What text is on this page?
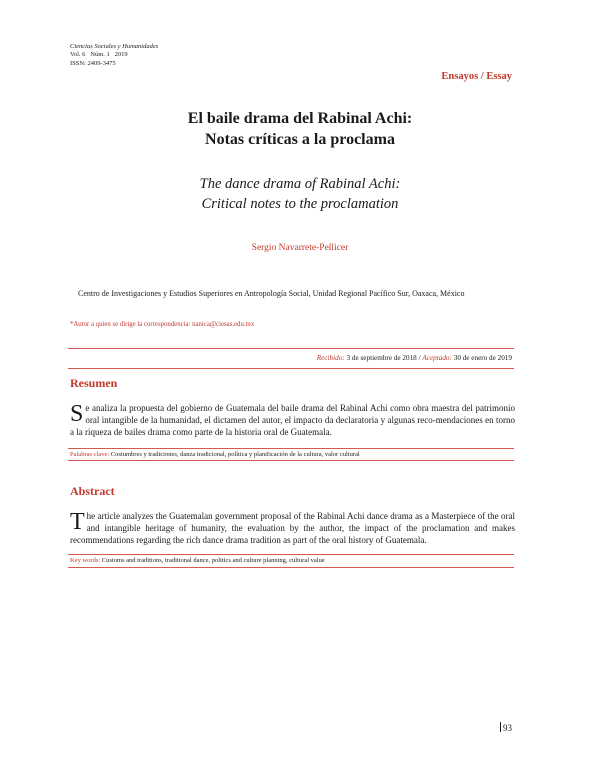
Ciencias Sociales y Humanidades
Vol. 6 Núm. 1 2019
ISSN: 2409-3475
Ensayos / Essay
El baile drama del Rabinal Achi:
Notas críticas a la proclama
The dance drama of Rabinal Achi:
Critical notes to the proclamation
Sergio Navarrete-Pellicer
Centro de Investigaciones y Estudios Superiores en Antropología Social, Unidad Regional Pacífico Sur, Oaxaca, México
*Autor a quien se dirige la correspondencia: nanica@ciesas.edu.mx
Recibido: 3 de septiembre de 2018 / Aceptado: 30 de enero de 2019
Resumen

Se analiza la propuesta del gobierno de Guatemala del baile drama del Rabinal Achi como obra maestra del patrimonio oral intangible de la humanidad, el dictamen del autor, el impacto da declaratoria y algunas reco-mendaciones en torno a la riqueza de bailes drama como parte de la historia oral de Guatemala.

Palabras clave: Costumbres y tradiciones, danza tradicional, política y planificación de la cultura, valor cultural
Abstract

The article analyzes the Guatemalan government proposal of the Rabinal Achi dance drama as a Masterpiece of the oral and intangible heritage of humanity, the evaluation by the author, the impact of the proclamation and makes recommendations regarding the rich dance drama tradition as part of the oral history of Guatemala.

Key words: Customs and traditions, traditional dance, politics and culture planning, cultural value
93
